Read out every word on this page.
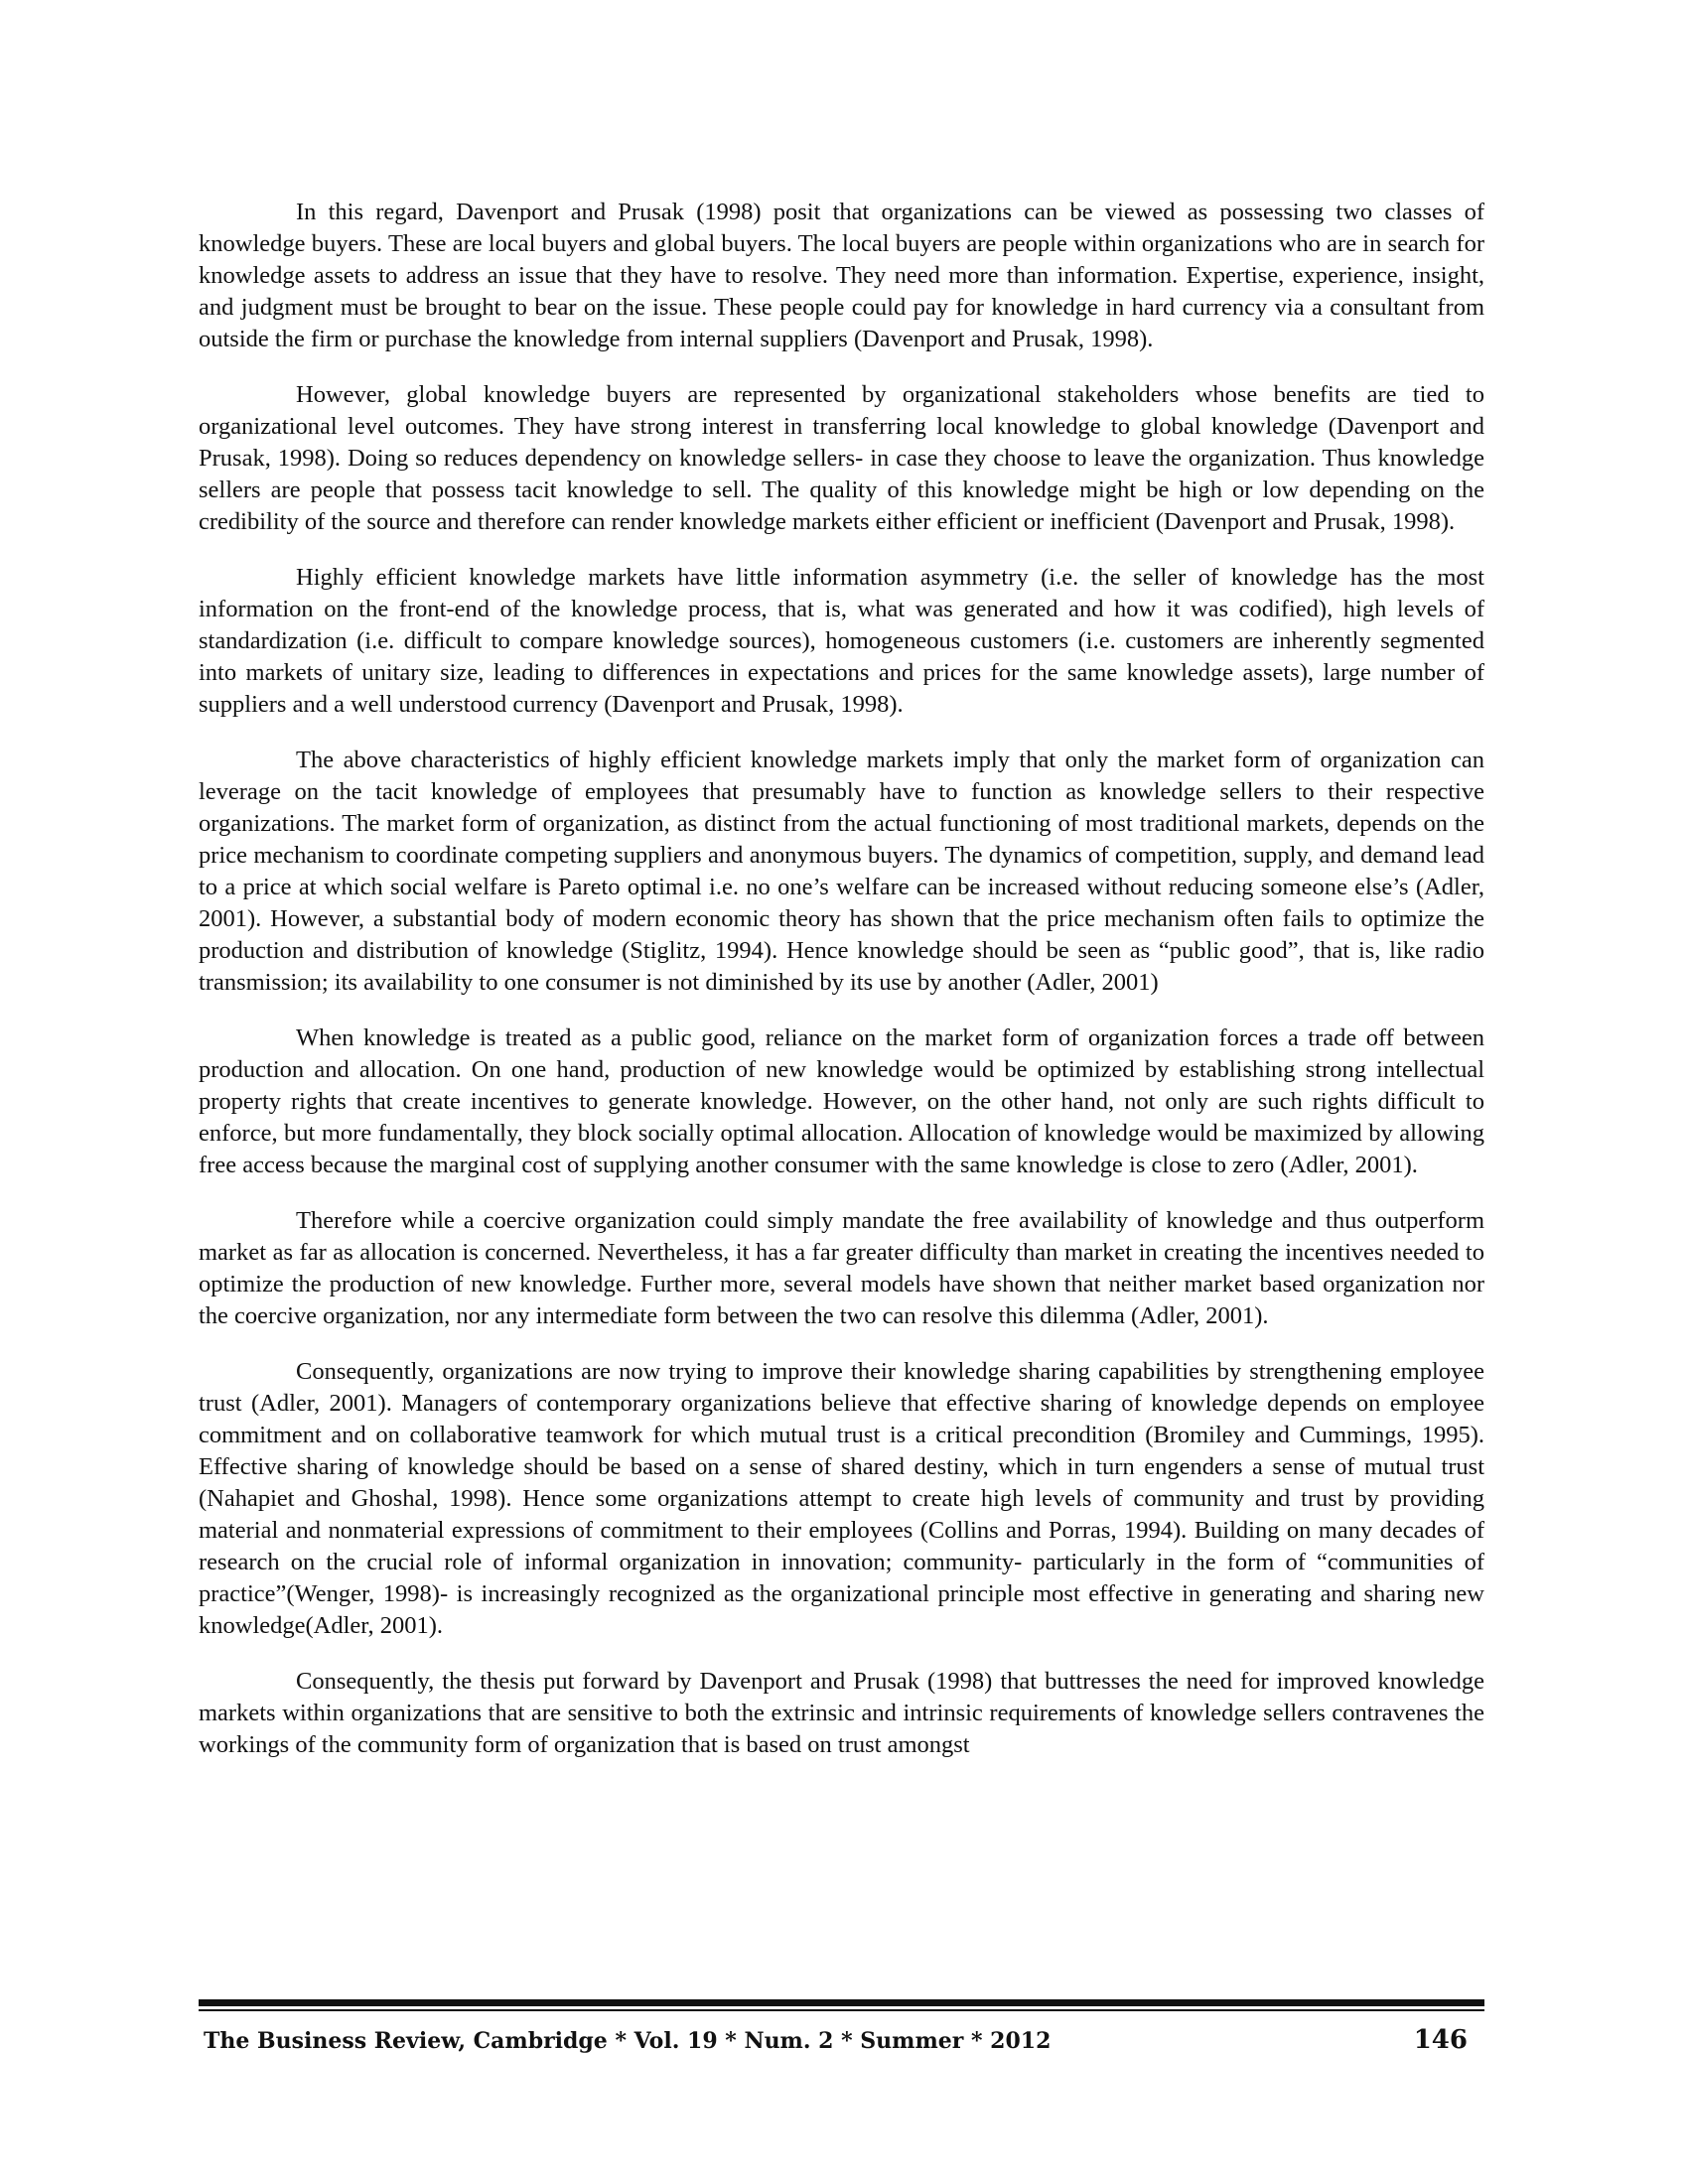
In this regard, Davenport and Prusak (1998) posit that organizations can be viewed as possessing two classes of knowledge buyers. These are local buyers and global buyers. The local buyers are people within organizations who are in search for knowledge assets to address an issue that they have to resolve. They need more than information. Expertise, experience, insight, and judgment must be brought to bear on the issue. These people could pay for knowledge in hard currency via a consultant from outside the firm or purchase the knowledge from internal suppliers (Davenport and Prusak, 1998).

However, global knowledge buyers are represented by organizational stakeholders whose benefits are tied to organizational level outcomes. They have strong interest in transferring local knowledge to global knowledge (Davenport and Prusak, 1998). Doing so reduces dependency on knowledge sellers- in case they choose to leave the organization. Thus knowledge sellers are people that possess tacit knowledge to sell. The quality of this knowledge might be high or low depending on the credibility of the source and therefore can render knowledge markets either efficient or inefficient (Davenport and Prusak, 1998).

Highly efficient knowledge markets have little information asymmetry (i.e. the seller of knowledge has the most information on the front-end of the knowledge process, that is, what was generated and how it was codified), high levels of standardization (i.e. difficult to compare knowledge sources), homogeneous customers (i.e. customers are inherently segmented into markets of unitary size, leading to differences in expectations and prices for the same knowledge assets), large number of suppliers and a well understood currency (Davenport and Prusak, 1998).

The above characteristics of highly efficient knowledge markets imply that only the market form of organization can leverage on the tacit knowledge of employees that presumably have to function as knowledge sellers to their respective organizations. The market form of organization, as distinct from the actual functioning of most traditional markets, depends on the price mechanism to coordinate competing suppliers and anonymous buyers. The dynamics of competition, supply, and demand lead to a price at which social welfare is Pareto optimal i.e. no one’s welfare can be increased without reducing someone else’s (Adler, 2001). However, a substantial body of modern economic theory has shown that the price mechanism often fails to optimize the production and distribution of knowledge (Stiglitz, 1994). Hence knowledge should be seen as “public good”, that is, like radio transmission; its availability to one consumer is not diminished by its use by another (Adler, 2001)

When knowledge is treated as a public good, reliance on the market form of organization forces a trade off between production and allocation. On one hand, production of new knowledge would be optimized by establishing strong intellectual property rights that create incentives to generate knowledge. However, on the other hand, not only are such rights difficult to enforce, but more fundamentally, they block socially optimal allocation. Allocation of knowledge would be maximized by allowing free access because the marginal cost of supplying another consumer with the same knowledge is close to zero (Adler, 2001).

Therefore while a coercive organization could simply mandate the free availability of knowledge and thus outperform market as far as allocation is concerned. Nevertheless, it has a far greater difficulty than market in creating the incentives needed to optimize the production of new knowledge. Further more, several models have shown that neither market based organization nor the coercive organization, nor any intermediate form between the two can resolve this dilemma (Adler, 2001).

Consequently, organizations are now trying to improve their knowledge sharing capabilities by strengthening employee trust (Adler, 2001). Managers of contemporary organizations believe that effective sharing of knowledge depends on employee commitment and on collaborative teamwork for which mutual trust is a critical precondition (Bromiley and Cummings, 1995). Effective sharing of knowledge should be based on a sense of shared destiny, which in turn engenders a sense of mutual trust (Nahapiet and Ghoshal, 1998). Hence some organizations attempt to create high levels of community and trust by providing material and nonmaterial expressions of commitment to their employees (Collins and Porras, 1994). Building on many decades of research on the crucial role of informal organization in innovation; community- particularly in the form of “communities of practice”(Wenger, 1998)- is increasingly recognized as the organizational principle most effective in generating and sharing new knowledge(Adler, 2001).

Consequently, the thesis put forward by Davenport and Prusak (1998) that buttresses the need for improved knowledge markets within organizations that are sensitive to both the extrinsic and intrinsic requirements of knowledge sellers contravenes the workings of the community form of organization that is based on trust amongst

The Business Review, Cambridge * Vol. 19 * Num. 2 * Summer * 2012	146
